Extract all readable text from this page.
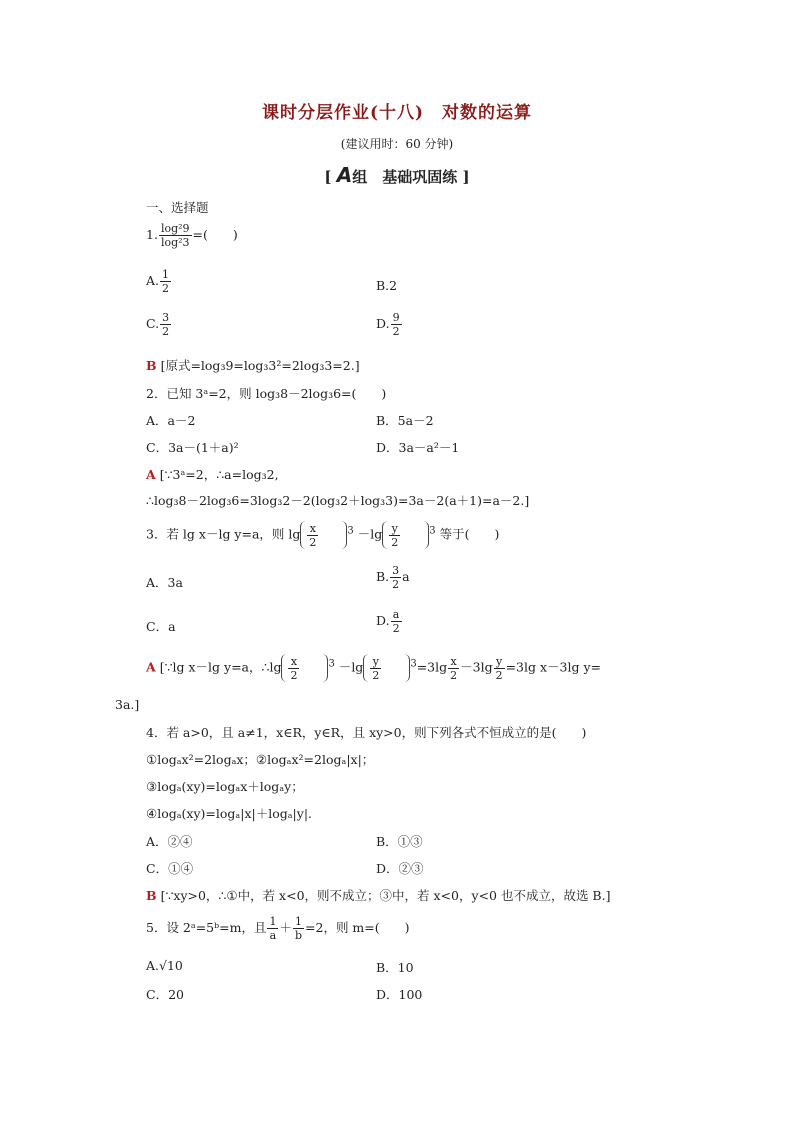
课时分层作业(十八)　对数的运算
(建议用时：60 分钟)
[ A组　基础巩固练 ]
一、选择题
1. $\frac{\text{log²9}}{\text{log²3}}$ =(　　)
A. $\frac{1}{2}$	B.2
C. $\frac{3}{2}$	D. $\frac{9}{2}$
B [原式=log₃9=log₃3²=2log₃3=2.]
2．已知 3ᵃ=2，则 log₃8－2log₃6=(　　)
A．a－2	B．5a－2
C．3a－(1＋a)²	D．3a－a²－1
A [∵3ᵃ=2，∴a=log₃2,
∴log₃8－2log₃6=3log₃2－2(log₃2＋log₃3)=3a－2(a＋1)=a－2.]
3．若 lg x－lg y=a，则 $\lg \frac{x}{2}$	$^3 -\lg \frac{y}{2}$	$^3$ 等于(　　)
A．3a	B. $\frac{3}{2}$ a
C．a	D. $\frac{a}{2}$
A [∵lg x－lg y=a，∴lg $\frac{x}{2}$	$^3 -\lg \frac{y}{2}$	$^3=3\lg \frac{x}{2} -3\lg \frac{y}{2} =3\lg$ x－3lg y=
3a.]
4．若 a>0，且 a≠1，x∈R，y∈R，且 xy>0，则下列各式不恒成立的是(　　)
①logₐx²=2logₐx；②logₐx²=2logₐ|x|；
③logₐ(xy)=logₐx＋logₐy；
④logₐ(xy)=logₐ|x|＋logₐ|y|.
A．②④	B．①③
C．①④	D．②③
B [∵xy>0，∴①中，若 x<0，则不成立；③中，若 x<0，y<0 也不成立，故选 B.]
5．设 2ᵃ=5ᵇ=m，且 $\frac{1}{a} + \frac{1}{b} =2$，则 m=(　　)
A.√10	B．10
C．20	D．100
